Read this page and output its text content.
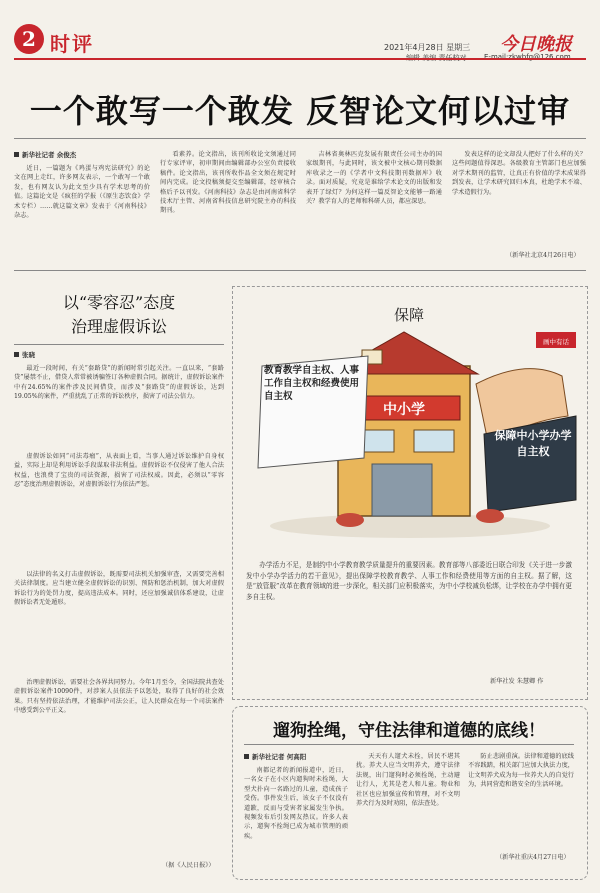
2 时评	2021年4月28日 星期三
编辑 美编 责任校对
今日晚报
E-mail:zkwbfg@126.com
一个敢写一个敢发 反智论文何以过审
新华社记者 余俊杰

近日，一篇题为《鸡蛋与鸡宪法研究》的论文在网上走红，许多网友表示，一个敢写一个敢发，也有网友认为此文至少具有学术思考的价值。这篇论文是《疯狂的学报（《原生态饮食》学术专栏）……就这篇文章》发表于《河南科技》杂志。

看素养。论文指出，该刊所收论文须通过同行专家评审，初审期间由编辑部办公室负责接收稿件。论文指出，该刊所收作品全文须在规定时间内完成。论文投稿须提交至编辑部，经审核合格后予以刊发。《河南科技》杂志是由河南省科学技术厅主管、河南省科技信息研究院主办的科技期刊。

吉林省奥林匹克发展有限责任公司主办的国家级期刊，与此同时，该文被中文核心期刊数据库收录之一的《学者中文科技期刊数据库》收录。面对质疑，究竟是谁给学术论文的出版和发表开了绿灯？为何这样一篇反智论文能够一路通关？教学育人的老师和科研人员，都应深思。

发表这样的论文却没人把好了什么样的关？这些问题值得深思。各级教育主管部门也应加强对学术期刊的监管，让真正有价值的学术成果得到发表，让学术研究回归本真，杜绝学术不端、学术造假行为。

（新华社北京4月26日电）
以“零容忍”态度
治理虚假诉讼
张晓

最近一段时间，有关“套路贷”的新闻时常引起关注。一直以来，“套路贷”屡禁不止，借贷人常常被诱骗签订各种虚假合同。据统计，虚假诉讼案件中有24.65%的案件涉及民间借贷，而涉及“套路贷”的虚假诉讼，达到19.05%的案件，严重扰乱了正常的诉讼秩序，损害了司法公信力。

虚假诉讼如同“司法毒瘤”，从表面上看，当事人通过诉讼维护自身权益，实际上却是利用诉讼手段谋取非法利益。虚假诉讼不仅侵害了他人合法权益，也浪费了宝贵的司法资源，损害了司法权威。因此，必须以“零容忍”态度治理虚假诉讼，对虚假诉讼行为依法严惩。

以法律的名义打击虚假诉讼，既需要司法机关加强审查，又需要完善相关法律制度。应当建立健全虚假诉讼的识别、预防和惩治机制，加大对虚假诉讼行为的处罚力度，提高违法成本。同时，还应加强诚信体系建设，让虚假诉讼者无处遁形。

治理虚假诉讼，需要社会各界共同努力。今年1月至今，全国法院共查处虚假诉讼案件10090件，对涉案人员依法予以惩处，取得了良好的社会效果。只有坚持依法治理，才能维护司法公正，让人民群众在每一个司法案件中感受到公平正义。

（据《人民日报》）
保障
画中有话
中小学
教育教学自主权、人事工作自主权和经费使用自主权
保障中小学办学自主权

办学活力不足，是制约中小学教育教学质量提升的重要因素。教育部等八部委近日联合印发《关于进一步激发中小学办学活力的若干意见》，提出保障学校教育教学、人事工作和经费使用等方面的自主权。据了解，这是“放管服”改革在教育领域的进一步深化，相关部门应积极落实，为中小学校减负松绑，让学校在办学中拥有更多自主权。

新华社发 朱慧卿 作
遛狗拴绳，守住法律和道德的底线！
新华社记者 何高阳

南都记者的新闻报道中，近日，一名女子在小区内遛狗时未拴绳，大型犬扑向一名路过的儿童，造成孩子受伤。事件发生后，该女子不仅没有道歉，反而与受害者家属发生争执。视频发布后引发网友热议。许多人表示，遛狗不拴绳已成为城市管理的顽疾。

天天有人遛犬未拴，居民不堪其扰。养犬人应当文明养犬，遵守法律法规，出门遛狗时必须拴绳，主动避让行人，尤其是老人和儿童。物业和社区也应加强宣传和管理，对不文明养犬行为及时劝阻，依法查处。

防止悲剧重演。法律和道德的底线不容践踏，相关部门应加大执法力度，让文明养犬成为每一位养犬人的自觉行为，共同营造和谐安全的生活环境。

（新华社重庆4月27日电）
